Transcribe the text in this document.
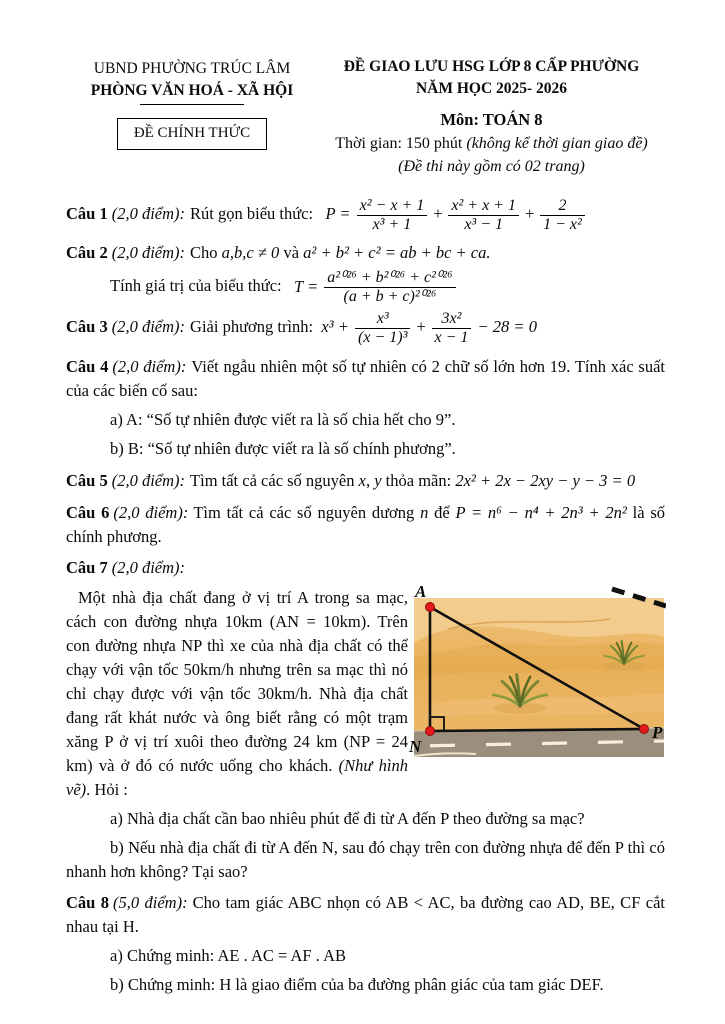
UBND PHƯỜNG TRÚC LÂM
PHÒNG VĂN HOÁ - XÃ HỘI
ĐỀ CHÍNH THỨC
ĐỀ GIAO LƯU HSG LỚP 8 CẤP PHƯỜNG
NĂM HỌC 2025- 2026
Môn: TOÁN 8
Thời gian: 150 phút (không kể thời gian giao đề)
(Đề thi này gồm có 02 trang)

Câu 1 (2,0 điểm): Rút gọn biểu thức: $P = \frac{\text{x² − x + 1}}{\text{x³ + 1}} + \frac{\text{x² + x + 1}}{\text{x³ − 1}} + \frac{2}{\text{1 − x²}}$

Câu 2 (2,0 điểm): Cho a,b,c ≠ 0 và a² + b² + c² = ab + bc + ca.

Tính giá trị của biểu thức: $T = \frac{\text{a²⁰²⁶ + b²⁰²⁶ + c²⁰²⁶}}{\text{(a + b + c)²⁰²⁶}}$

Câu 3 (2,0 điểm): Giải phương trình: $x^3 + \frac{\text{x³}}{\text{(x − 1)³}} + \frac{\text{3x²}}{x - 1} - 28 = 0$

Câu 4 (2,0 điểm): Viết ngẫu nhiên một số tự nhiên có 2 chữ số lớn hơn 19. Tính xác suất của các biến cố sau:

a) A: “Số tự nhiên được viết ra là số chia hết cho 9”.

b) B: “Số tự nhiên được viết ra là số chính phương”.

Câu 5 (2,0 điểm): Tìm tất cả các số nguyên x, y thỏa mãn: 2x² + 2x − 2xy − y − 3 = 0

Câu 6 (2,0 điểm): Tìm tất cả các số nguyên dương n để P = n⁶ − n⁴ + 2n³ + 2n² là số chính phương.

Câu 7 (2,0 điểm):

Một nhà địa chất đang ở vị trí A trong sa mạc, cách con đường nhựa 10km (AN = 10km). Trên con đường nhựa NP thì xe của nhà địa chất có thể chạy với vận tốc 50km/h nhưng trên sa mạc thì nó chỉ chạy được với vận tốc 30km/h. Nhà địa chất đang rất khát nước và ông biết rằng có một trạm xăng P ở vị trí xuôi theo đường 24 km (NP = 24 km) và ở đó có nước uống cho khách. (Như hình vẽ). Hỏi :

A
N
P

a) Nhà địa chất cần bao nhiêu phút để đi từ A đến P theo đường sa mạc?

b) Nếu nhà địa chất đi từ A đến N, sau đó chạy trên con đường nhựa để đến P thì có nhanh hơn không? Tại sao?

Câu 8 (5,0 điểm): Cho tam giác ABC nhọn có AB < AC, ba đường cao AD, BE, CF cắt nhau tại H.

a) Chứng minh: AE . AC = AF . AB

b) Chứng minh: H là giao điểm của ba đường phân giác của tam giác DEF.
